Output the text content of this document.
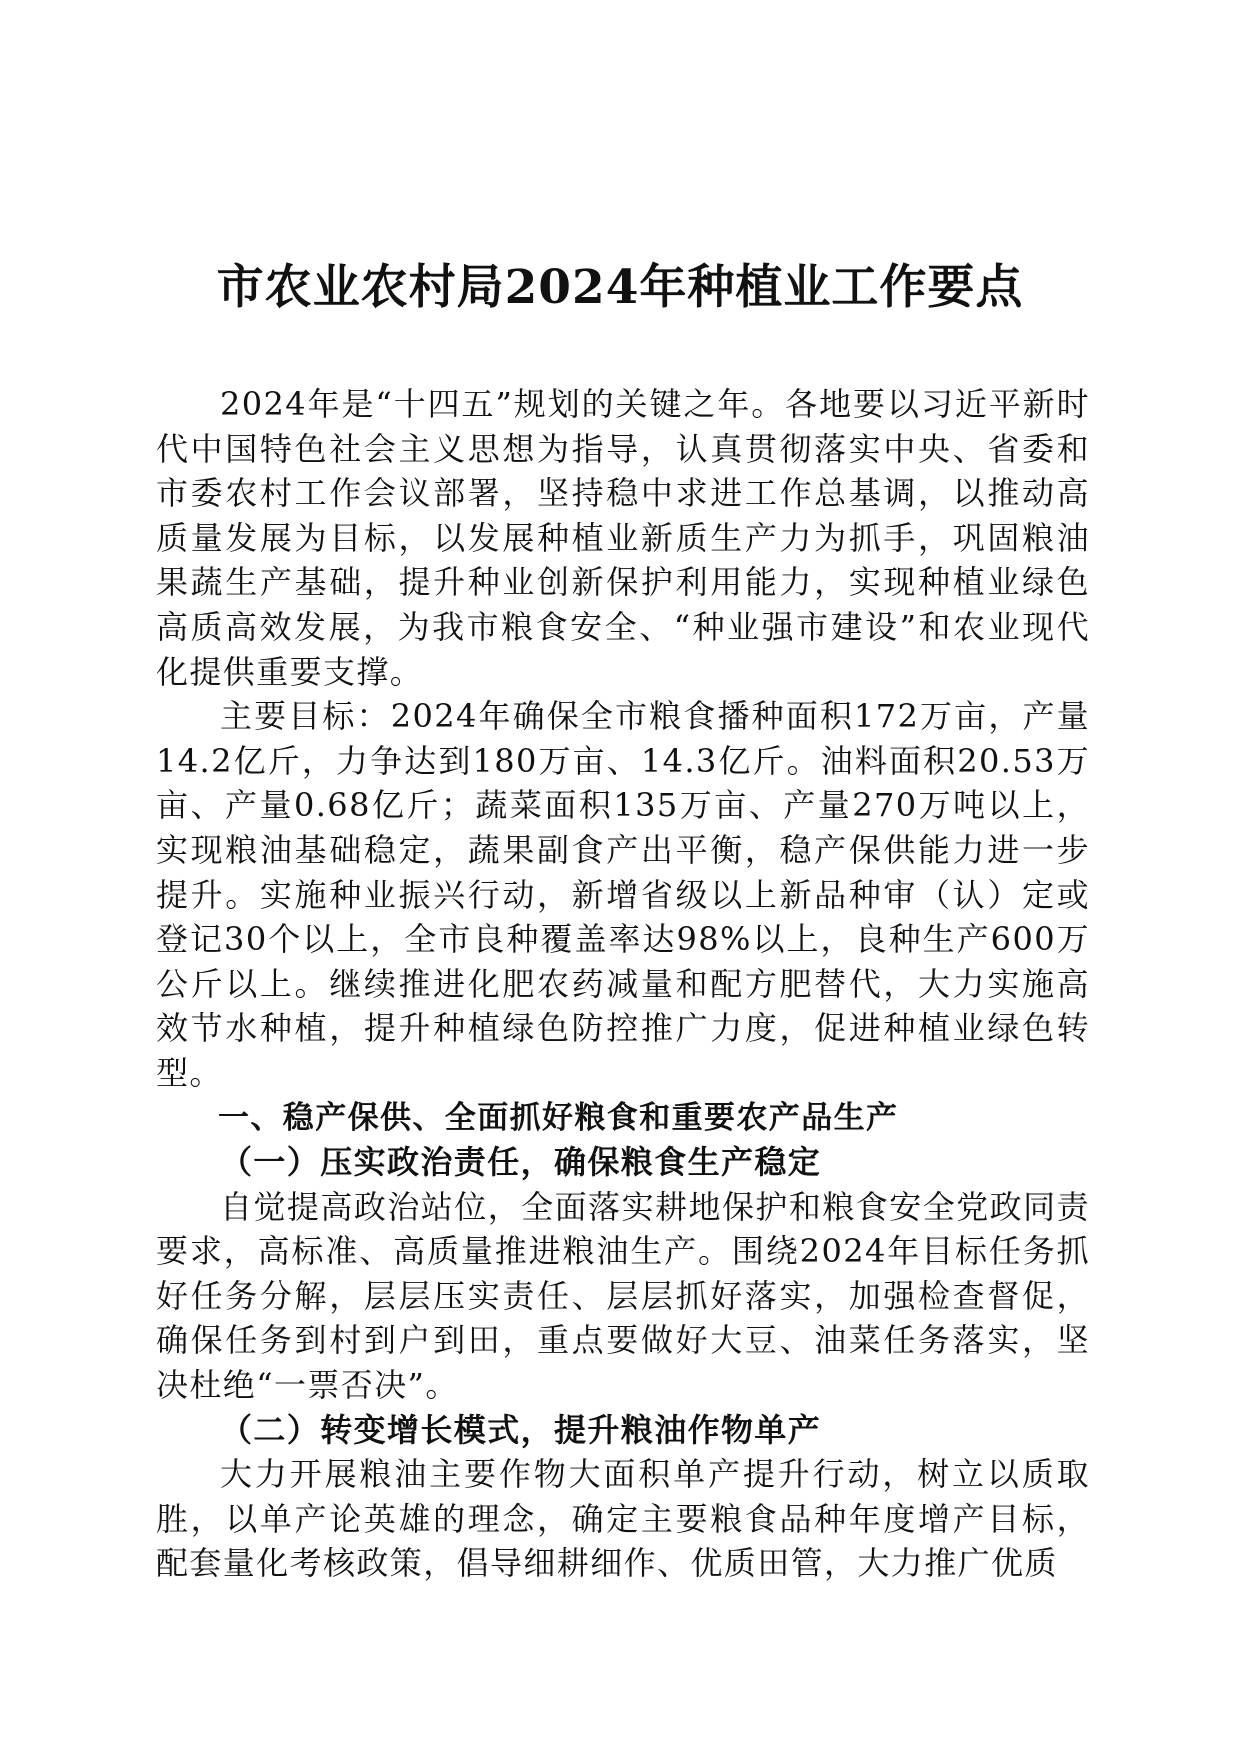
市农业农村局2024年种植业工作要点

2024年是“十四五”规划的关键之年。各地要以习近平新时代中国特色社会主义思想为指导，认真贯彻落实中央、省委和市委农村工作会议部署，坚持稳中求进工作总基调，以推动高质量发展为目标，以发展种植业新质生产力为抓手，巩固粮油果蔬生产基础，提升种业创新保护利用能力，实现种植业绿色高质高效发展，为我市粮食安全、“种业强市建设”和农业现代化提供重要支撑。

主要目标：2024年确保全市粮食播种面积172万亩，产量14.2亿斤，力争达到180万亩、14.3亿斤。油料面积20.53万亩、产量0.68亿斤；蔬菜面积135万亩、产量270万吨以上，实现粮油基础稳定，蔬果副食产出平衡，稳产保供能力进一步提升。实施种业振兴行动，新增省级以上新品种审（认）定或登记30个以上，全市良种覆盖率达98%以上，良种生产600万公斤以上。继续推进化肥农药减量和配方肥替代，大力实施高效节水种植，提升种植绿色防控推广力度，促进种植业绿色转型。

一、稳产保供、全面抓好粮食和重要农产品生产

（一）压实政治责任，确保粮食生产稳定

自觉提高政治站位，全面落实耕地保护和粮食安全党政同责要求，高标准、高质量推进粮油生产。围绕2024年目标任务抓好任务分解，层层压实责任、层层抓好落实，加强检查督促，确保任务到村到户到田，重点要做好大豆、油菜任务落实，坚决杜绝“一票否决”。

（二）转变增长模式，提升粮油作物单产

大力开展粮油主要作物大面积单产提升行动，树立以质取胜，以单产论英雄的理念，确定主要粮食品种年度增产目标，配套量化考核政策，倡导细耕细作、优质田管，大力推广优质
